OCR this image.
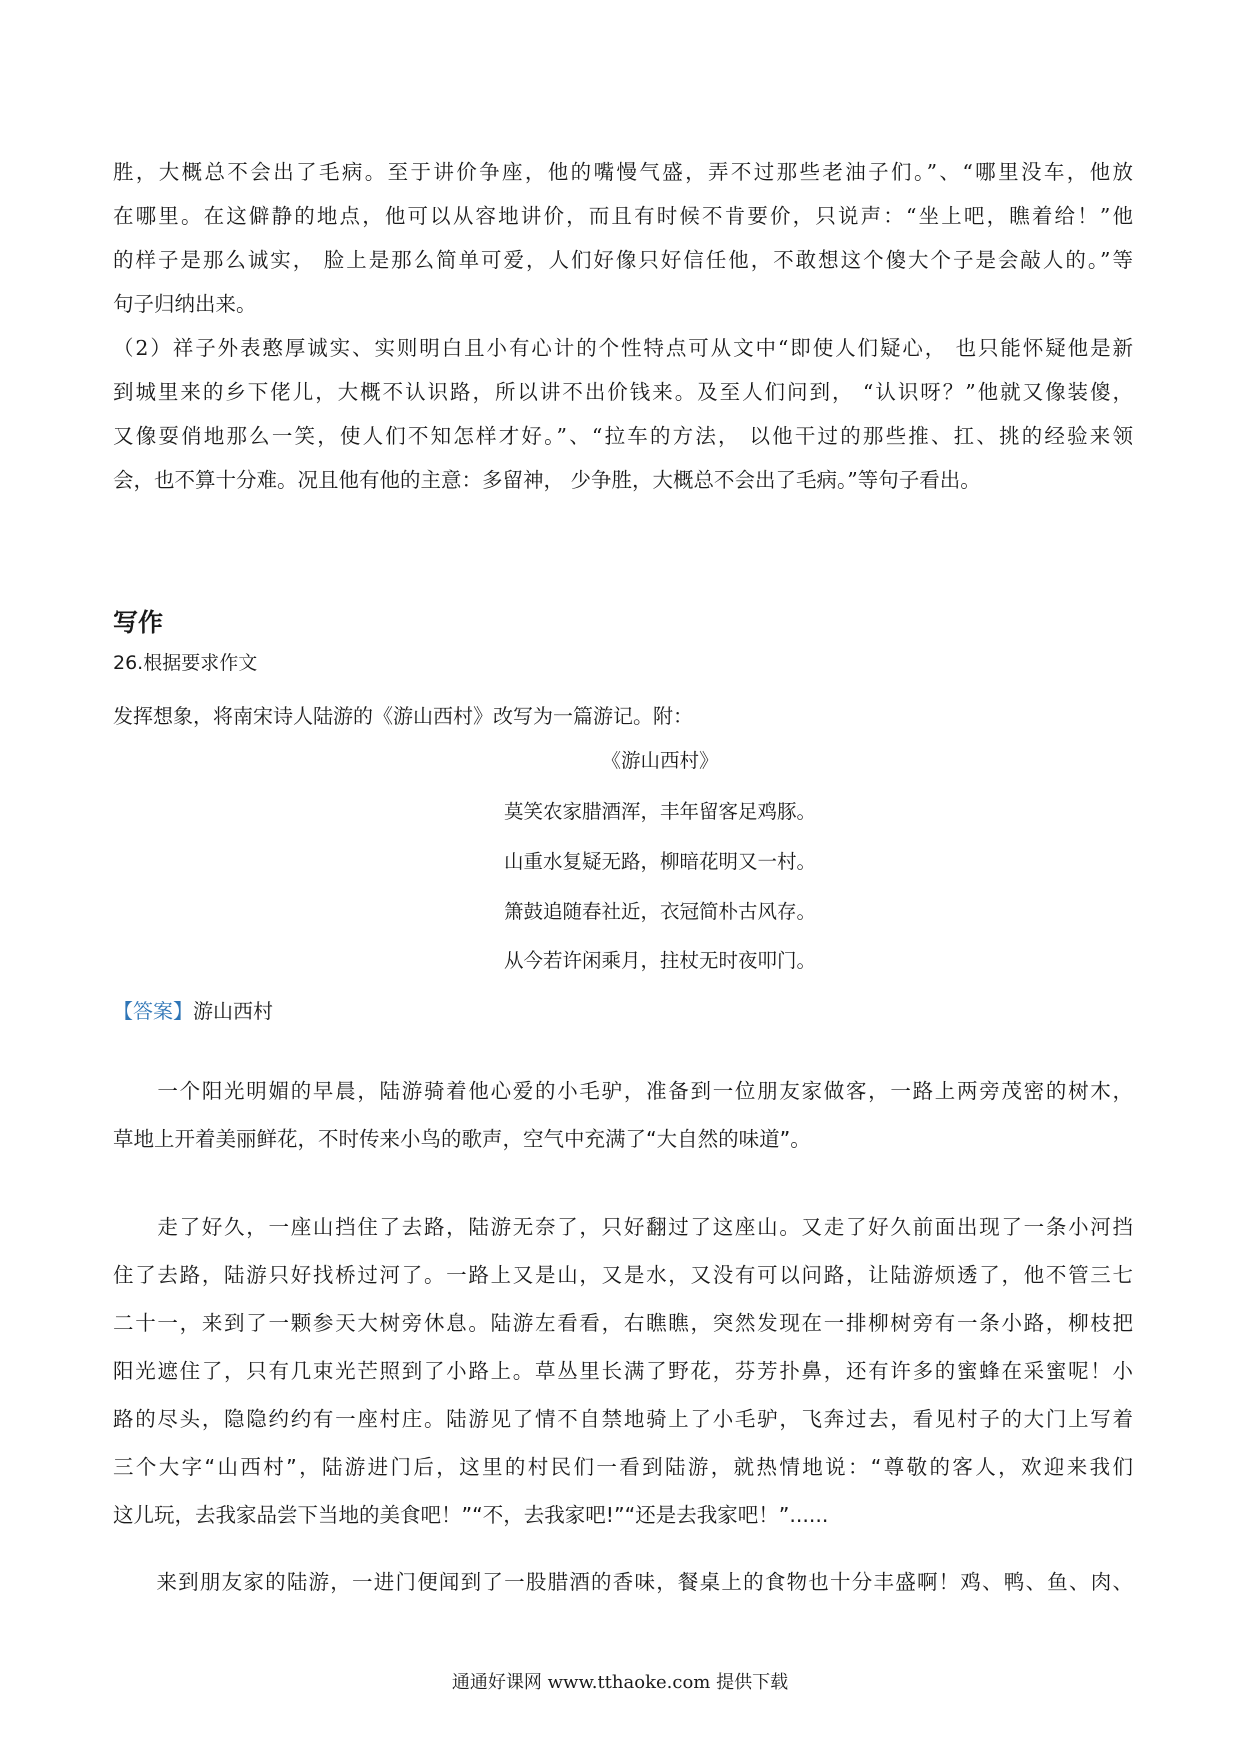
胜，大概总不会出了毛病。至于讲价争座，他的嘴慢气盛，弄不过那些老油子们。”、“哪里没车，他放
在哪里。在这僻静的地点，他可以从容地讲价，而且有时候不肯要价，只说声：“坐上吧，瞧着给！”他
的样子是那么诚实， 脸上是那么简单可爱，人们好像只好信任他，不敢想这个傻大个子是会敲人的。”等
句子归纳出来。
（2）祥子外表憨厚诚实、实则明白且小有心计的个性特点可从文中“即使人们疑心， 也只能怀疑他是新
到城里来的乡下佬儿，大概不认识路，所以讲不出价钱来。及至人们问到， “认识呀？”他就又像装傻，
又像耍俏地那么一笑，使人们不知怎样才好。”、“拉车的方法， 以他干过的那些推、扛、挑的经验来领
会，也不算十分难。况且他有他的主意：多留神， 少争胜，大概总不会出了毛病。”等句子看出。
写作
26.根据要求作文
发挥想象，将南宋诗人陆游的《游山西村》改写为一篇游记。附：
《游山西村》
莫笑农家腊酒浑，丰年留客足鸡豚。
山重水复疑无路，柳暗花明又一村。
箫鼓追随春社近，衣冠简朴古风存。
从今若许闲乘月，拄杖无时夜叩门。
【答案】游山西村
　　一个阳光明媚的早晨，陆游骑着他心爱的小毛驴，准备到一位朋友家做客，一路上两旁茂密的树木，
草地上开着美丽鲜花，不时传来小鸟的歌声，空气中充满了“大自然的味道”。
　　走了好久，一座山挡住了去路，陆游无奈了，只好翻过了这座山。又走了好久前面出现了一条小河挡
住了去路，陆游只好找桥过河了。一路上又是山，又是水，又没有可以问路，让陆游烦透了，他不管三七
二十一，来到了一颗参天大树旁休息。陆游左看看，右瞧瞧，突然发现在一排柳树旁有一条小路，柳枝把
阳光遮住了，只有几束光芒照到了小路上。草丛里长满了野花，芬芳扑鼻，还有许多的蜜蜂在采蜜呢！小
路的尽头，隐隐约约有一座村庄。陆游见了情不自禁地骑上了小毛驴，飞奔过去，看见村子的大门上写着
三个大字“山西村”，陆游进门后，这里的村民们一看到陆游，就热情地说：“尊敬的客人，欢迎来我们
这儿玩，去我家品尝下当地的美食吧！”“不，去我家吧!”“还是去我家吧！”......
　　来到朋友家的陆游，一进门便闻到了一股腊酒的香味，餐桌上的食物也十分丰盛啊！鸡、鸭、鱼、肉、
通通好课网 www.tthaoke.com 提供下载
